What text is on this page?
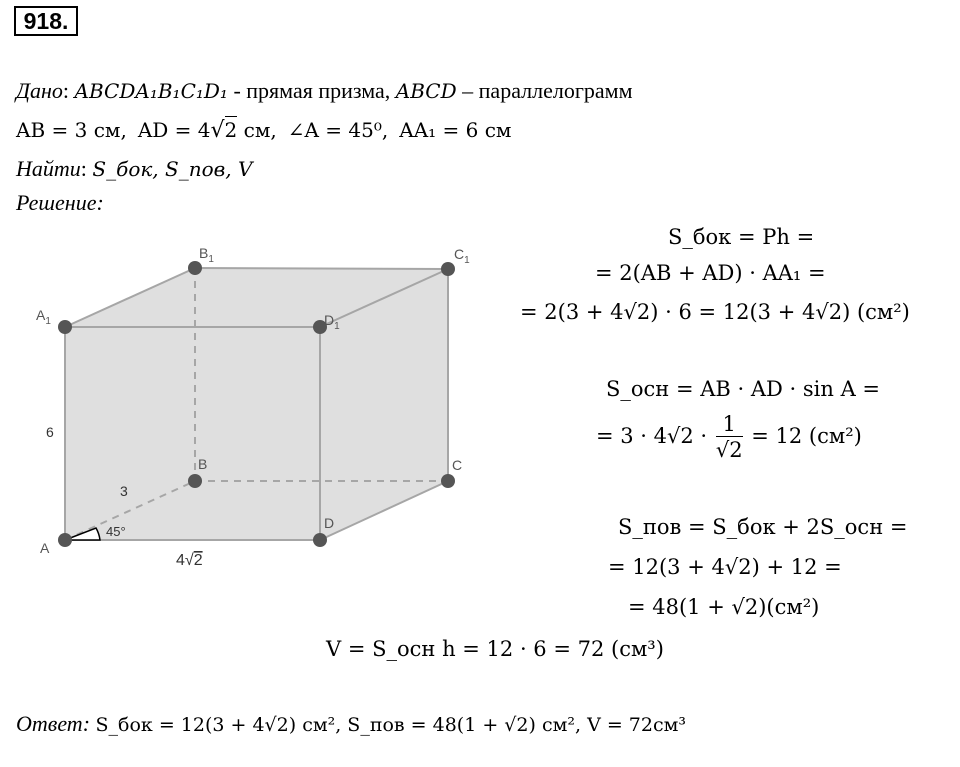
918.
Дано: ABCDA₁B₁C₁D₁ - прямая призма, ABCD – параллелограмм
AB = 3 см, AD = 4√2 см, ∠A = 45⁰, AA₁ = 6 см
Найти: S_бок, S_пов, V
Решение:
A
B	C
D
$A_1$
$B_1$	$C_1$
$D_1$
6
3
45°
4√2
S_бок = Ph =
= 2(AB + AD) · AA₁ =
= 2(3 + 4√2) · 6 = 12(3 + 4√2) (см²)
S_осн = AB · AD · sin A =
= $3 \cdot 4√2 \cdot \frac{1}{√2} = 12$ (см²)
S_пов = S_бок + 2S_осн =
= 12(3 + 4√2) + 12 =
= 48(1 + √2)(см²)
V = S_осн h = 12 · 6 = 72 (см³)
Ответ: S_бок = 12(3 + 4√2) см², S_пов = 48(1 + √2) см², V = 72см³
